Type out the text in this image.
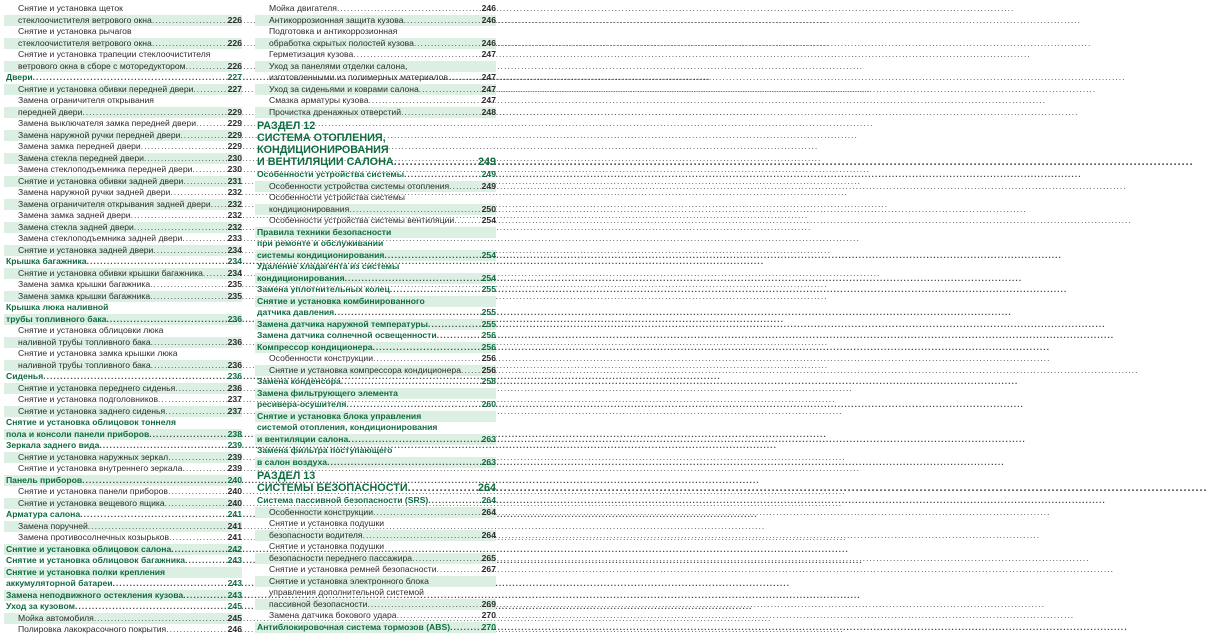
Снятие и установка щеток
стеклоочистителя ветрового окна .....	226
Снятие и установка рычагов
стеклоочистителя ветрового окна .....	226
Снятие и установка трапеции стеклоочистителя
ветрового окна в сборе с моторедуктором .....	226
Двери .....	227
Снятие и установка обивки передней двери .....	227
Замена ограничителя открывания
передней двери .....	229
Замена выключателя замка передней двери .....	229
Замена наружной ручки передней двери .....	229
Замена замка передней двери .....	229
Замена стекла передней двери .....	230
Замена стеклоподъемника передней двери .....	230
Снятие и установка обивки задней двери .....	231
Замена наружной ручки задней двери .....	232
Замена ограничителя открывания задней двери ..... 232
Замена замка задней двери .....	232
Замена стекла задней двери .....	232
Замена стеклоподъемника задней двери .....	233
Снятие и установка задней двери .....	234
Крышка багажника .....	234
Снятие и установка обивки крышки багажника .....	234
Замена замка крышки багажника .....	235
Замена замка крышки багажника .....	235
Крышка люка наливной
трубы топливного бака .....	236
Снятие и установка облицовки люка
наливной трубы топливного бака .....	236
Снятие и установка замка крышки люка
наливной трубы топливного бака .....	236
Сиденья .....	236
Снятие и установка переднего сиденья .....	236
Снятие и установка подголовников .....	237
Снятие и установка заднего сиденья .....	237
Снятие и установка облицовок тоннеля
пола и консоли панели приборов .....	238
Зеркала заднего вида .....	239
Снятие и установка наружных зеркал .....	239
Снятие и установка внутреннего зеркала .....	239
Панель приборов .....	240
Снятие и установка панели приборов .....	240
Снятие и установка вещевого ящика .....	240
Арматура салона .....	241
Замена поручней .....	241
Замена противосолнечных козырьков .....	241
Снятие и установка облицовок салона .....	242
Снятие и установка облицовок багажника .....	243
Снятие и установка полки крепления
аккумуляторной батареи .....	243
Замена неподвижного остекления кузова .....	243
Уход за кузовом .....	245
Мойка автомобиля .....	245
Полировка лакокрасочного покрытия .....	246
Мойка двигателя .....	246
Антикоррозионная защита кузова .....	246
Подготовка и антикоррозионная
обработка скрытых полостей кузова .....	246
Герметизация кузова .....	247
Уход за панелями отделки салона,
изготовленными из полимерных материалов .....	247
Уход за сиденьями и коврами салона .....	247
Смазка арматуры кузова .....	247
Прочистка дренажных отверстий .....	248
РАЗДЕЛ 12
СИСТЕМА ОТОПЛЕНИЯ,
КОНДИЦИОНИРОВАНИЯ
И ВЕНТИЛЯЦИИ САЛОНА .....	249
Особенности устройства системы .....	249
Особенности устройства системы отопления .....	249
Особенности устройства системы
кондиционирования .....	250
Особенности устройства системы вентиляции .....	254
Правила техники безопасности
при ремонте и обслуживании
системы кондиционирования .....	254
Удаление хладагента из системы
кондиционирования .....	254
Замена уплотнительных колец .....	255
Снятие и установка комбинированного
датчика давления .....	255
Замена датчика наружной температуры .....	255
Замена датчика солнечной освещенности .....	256
Компрессор кондиционера .....	256
Особенности конструкции .....	256
Снятие и установка компрессора кондиционера ..... 256
Замена конденсора .....	258
Замена фильтрующего элемента
ресивера-осушителя .....	260
Снятие и установка блока управления
системой отопления, кондиционирования
и вентиляции салона .....	263
Замена фильтра поступающего
в салон воздуха .....	263
РАЗДЕЛ 13
СИСТЕМЫ БЕЗОПАСНОСТИ .....	264
Система пассивной безопасности (SRS) .....	264
Особенности конструкции .....	264
Снятие и установка подушки
безопасности водителя .....	264
Снятие и установка подушки
безопасности переднего пассажира .....	265
Снятие и установка ремней безопасности .....	267
Снятие и установка электронного блока
управления дополнительной системой
пассивной безопасности .....	269
Замена датчика бокового удара .....	270
Антиблокировочная система тормозов (ABS) .....	270
